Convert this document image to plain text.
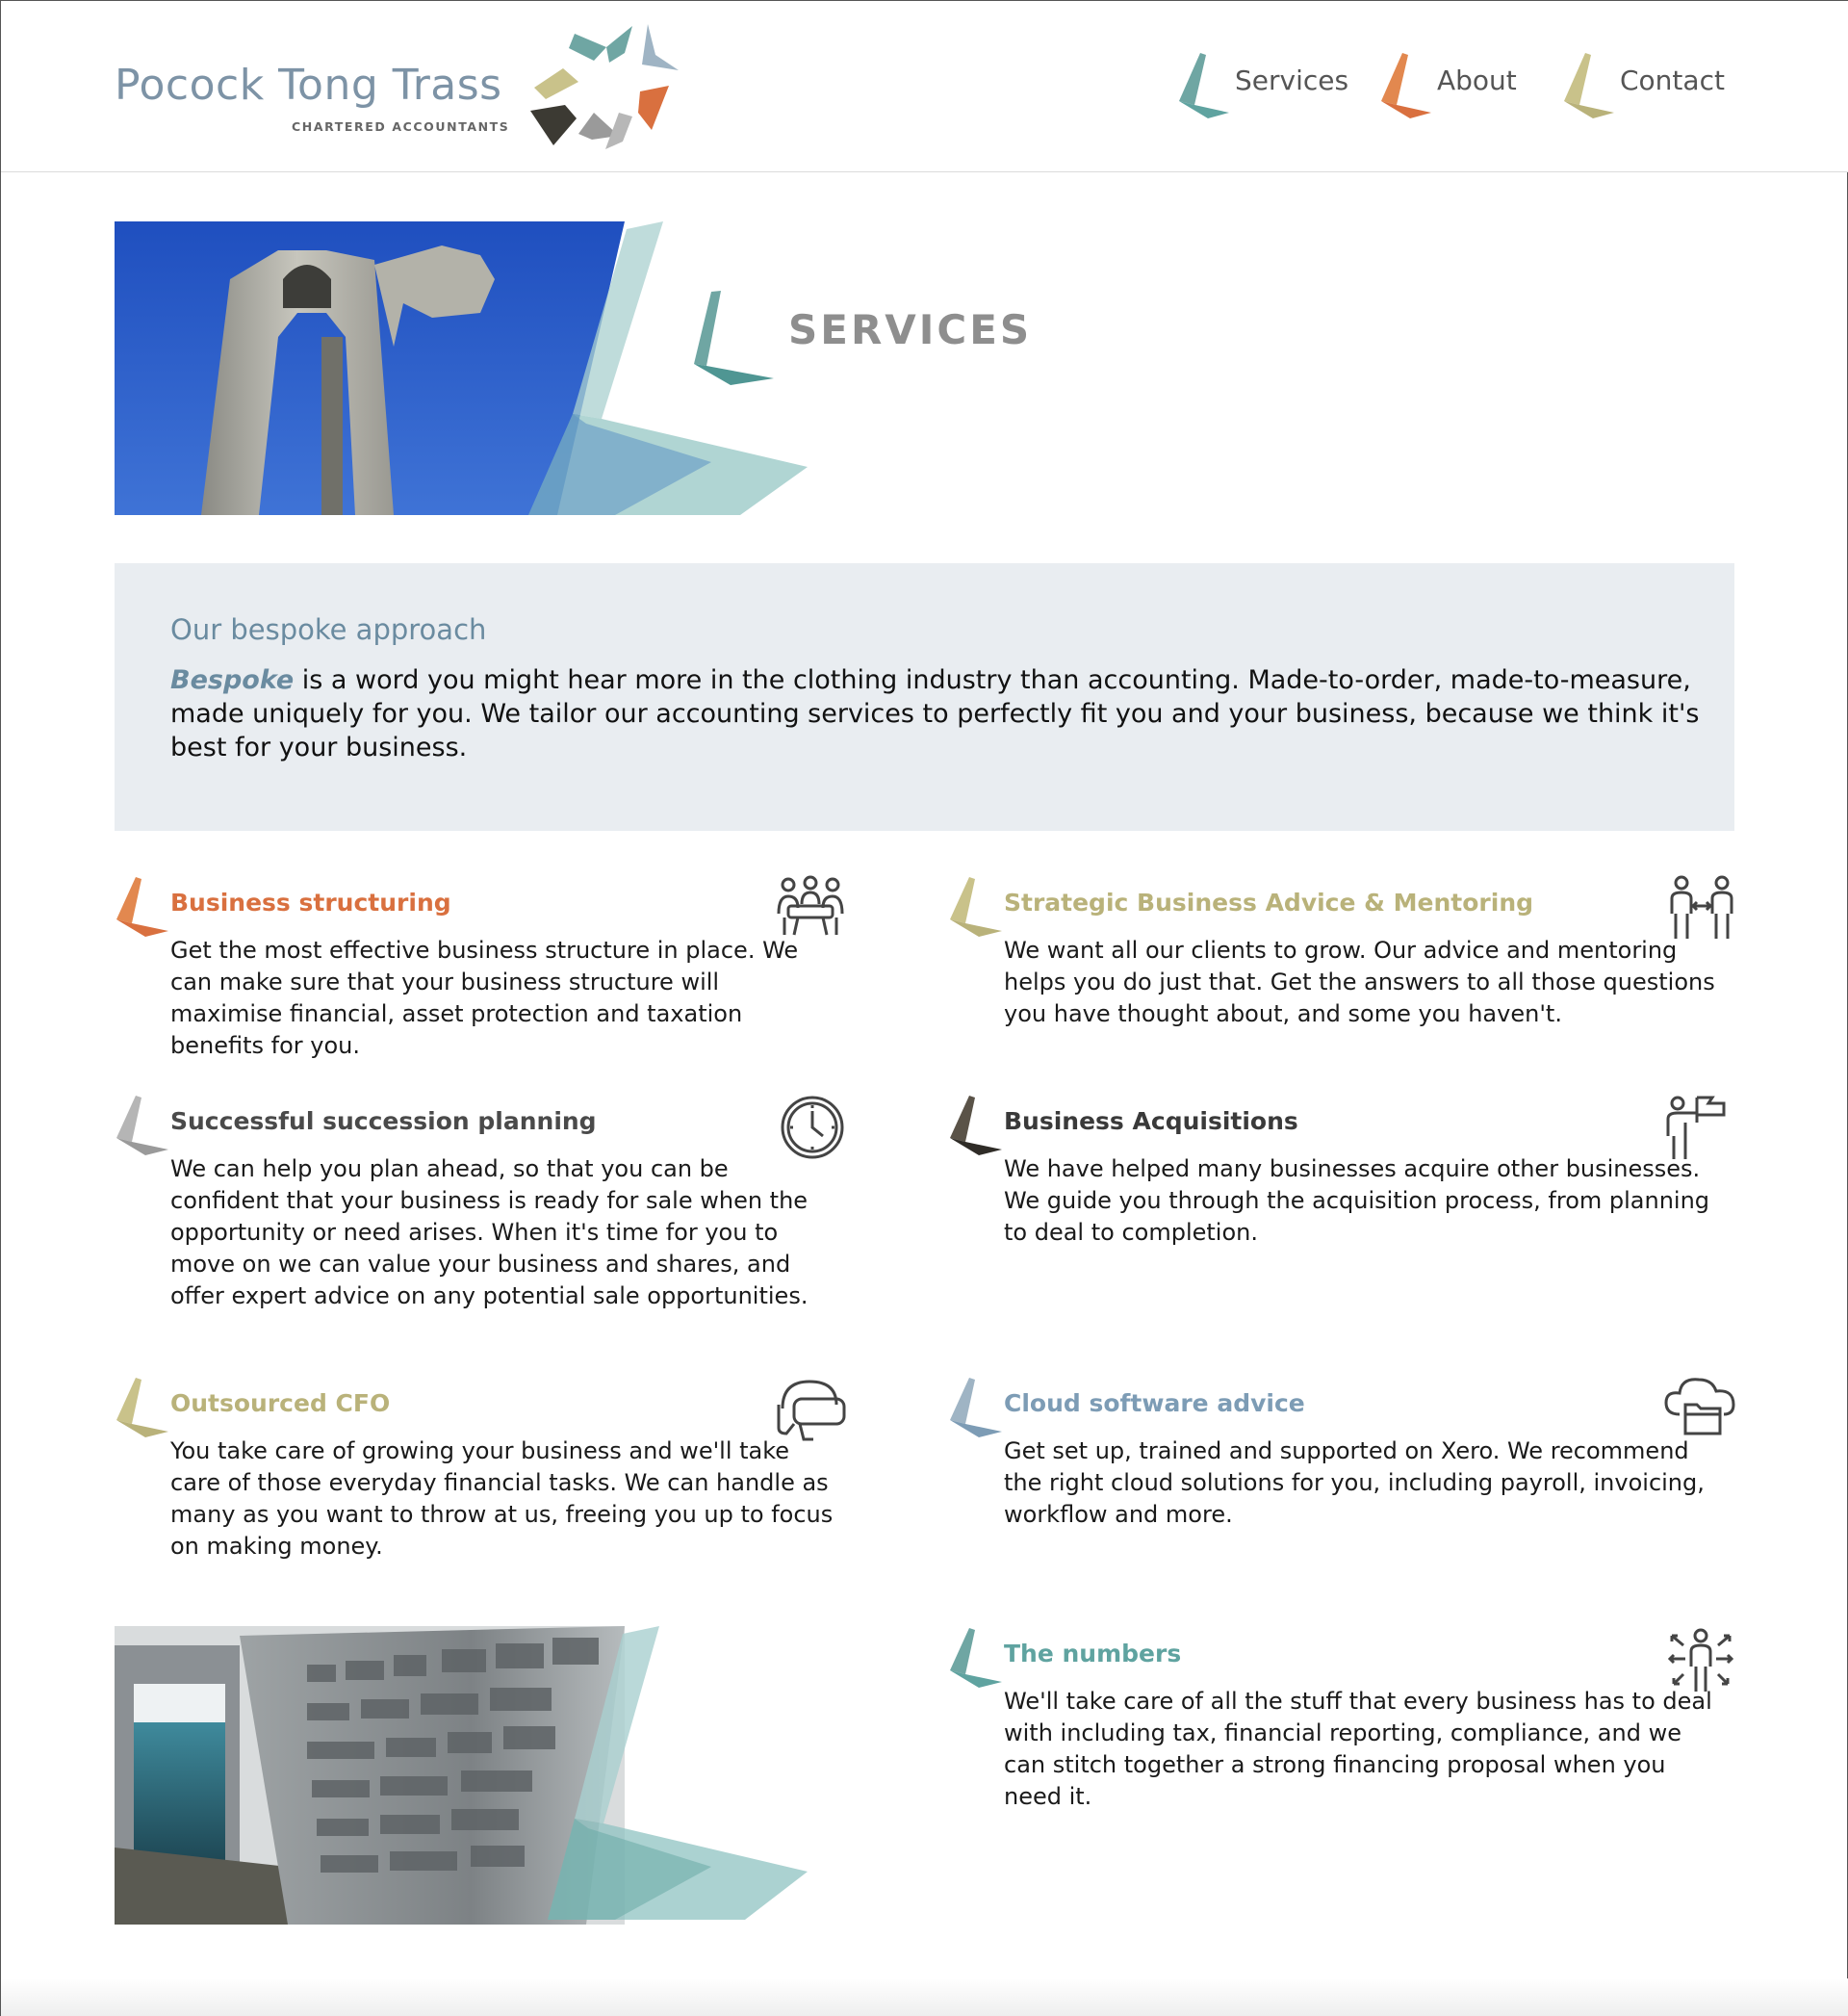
Pocock Tong Trass
CHARTERED ACCOUNTANTS
Services	About	Contact
SERVICES
Our bespoke approach
Bespoke is a word you might hear more in the clothing industry than accounting. Made-to-order, made-to-measure, made uniquely for you. We tailor our accounting services to perfectly fit you and your business, because we think it's best for your business.
Business structuring
Get the most effective business structure in place. We can make sure that your business structure will maximise financial, asset protection and taxation benefits for you.
Strategic Business Advice & Mentoring
We want all our clients to grow. Our advice and mentoring helps you do just that. Get the answers to all those questions you have thought about, and some you haven't.
Successful succession planning
We can help you plan ahead, so that you can be confident that your business is ready for sale when the opportunity or need arises. When it's time for you to move on we can value your business and shares, and offer expert advice on any potential sale opportunities.
Business Acquisitions
We have helped many businesses acquire other businesses. We guide you through the acquisition process, from planning to deal to completion.
Outsourced CFO
You take care of growing your business and we'll take care of those everyday financial tasks. We can handle as many as you want to throw at us, freeing you up to focus on making money.
Cloud software advice
Get set up, trained and supported on Xero. We recommend the right cloud solutions for you, including payroll, invoicing, workflow and more.
The numbers
We'll take care of all the stuff that every business has to deal with including tax, financial reporting, compliance, and we can stitch together a strong financing proposal when you need it.
